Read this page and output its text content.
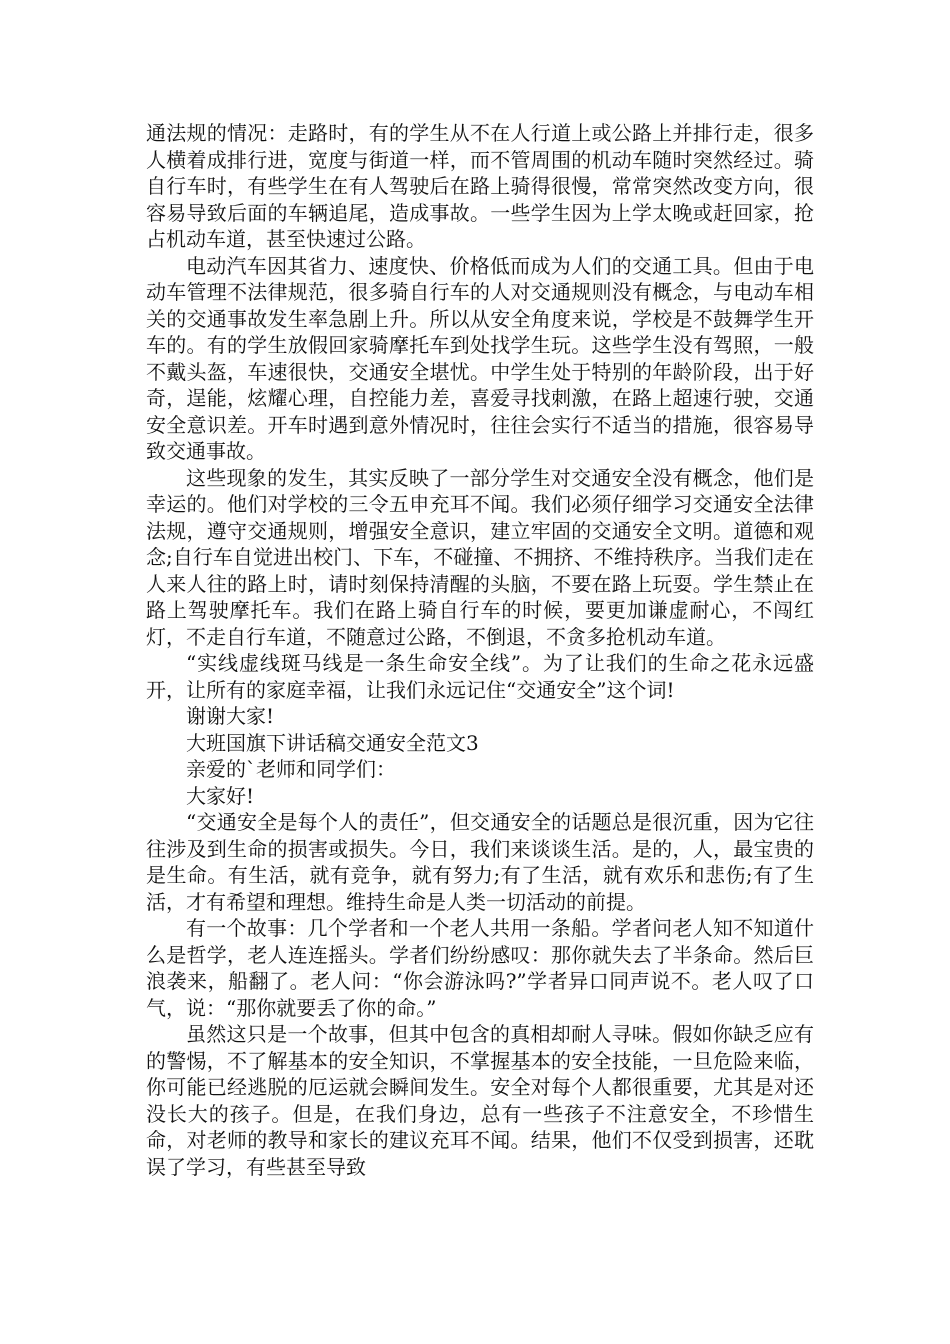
通法规的情况：走路时，有的学生从不在人行道上或公路上并排行走，很多人横着成排行进，宽度与街道一样，而不管周围的机动车随时突然经过。骑自行车时，有些学生在有人驾驶后在路上骑得很慢，常常突然改变方向，很容易导致后面的车辆追尾，造成事故。一些学生因为上学太晚或赶回家，抢占机动车道，甚至快速过公路。

电动汽车因其省力、速度快、价格低而成为人们的交通工具。但由于电动车管理不法律规范，很多骑自行车的人对交通规则没有概念，与电动车相关的交通事故发生率急剧上升。所以从安全角度来说，学校是不鼓舞学生开车的。有的学生放假回家骑摩托车到处找学生玩。这些学生没有驾照，一般不戴头盔，车速很快，交通安全堪忧。中学生处于特别的年龄阶段，出于好奇，逞能，炫耀心理，自控能力差，喜爱寻找刺激，在路上超速行驶，交通安全意识差。开车时遇到意外情况时，往往会实行不适当的措施，很容易导致交通事故。

这些现象的发生，其实反映了一部分学生对交通安全没有概念，他们是幸运的。他们对学校的三令五申充耳不闻。我们必须仔细学习交通安全法律法规，遵守交通规则，增强安全意识，建立牢固的交通安全文明。道德和观念;自行车自觉进出校门、下车，不碰撞、不拥挤、不维持秩序。当我们走在人来人往的路上时，请时刻保持清醒的头脑，不要在路上玩耍。学生禁止在路上驾驶摩托车。我们在路上骑自行车的时候，要更加谦虚耐心，不闯红灯，不走自行车道，不随意过公路，不倒退，不贪多抢机动车道。

“实线虚线斑马线是一条生命安全线”。为了让我们的生命之花永远盛开，让所有的家庭幸福，让我们永远记住“交通安全”这个词!

谢谢大家!

大班国旗下讲话稿交通安全范文3

亲爱的`老师和同学们：

大家好!

“交通安全是每个人的责任”，但交通安全的话题总是很沉重，因为它往往涉及到生命的损害或损失。今日，我们来谈谈生活。是的，人，最宝贵的是生命。有生活，就有竞争，就有努力;有了生活，就有欢乐和悲伤;有了生活，才有希望和理想。维持生命是人类一切活动的前提。

有一个故事：几个学者和一个老人共用一条船。学者问老人知不知道什么是哲学，老人连连摇头。学者们纷纷感叹：那你就失去了半条命。然后巨浪袭来，船翻了。老人问：“你会游泳吗?”学者异口同声说不。老人叹了口气，说：“那你就要丢了你的命。”

虽然这只是一个故事，但其中包含的真相却耐人寻味。假如你缺乏应有的警惕，不了解基本的安全知识，不掌握基本的安全技能，一旦危险来临，你可能已经逃脱的厄运就会瞬间发生。安全对每个人都很重要，尤其是对还没长大的孩子。但是，在我们身边，总有一些孩子不注意安全，不珍惜生命，对老师的教导和家长的建议充耳不闻。结果，他们不仅受到损害，还耽误了学习，有些甚至导致
